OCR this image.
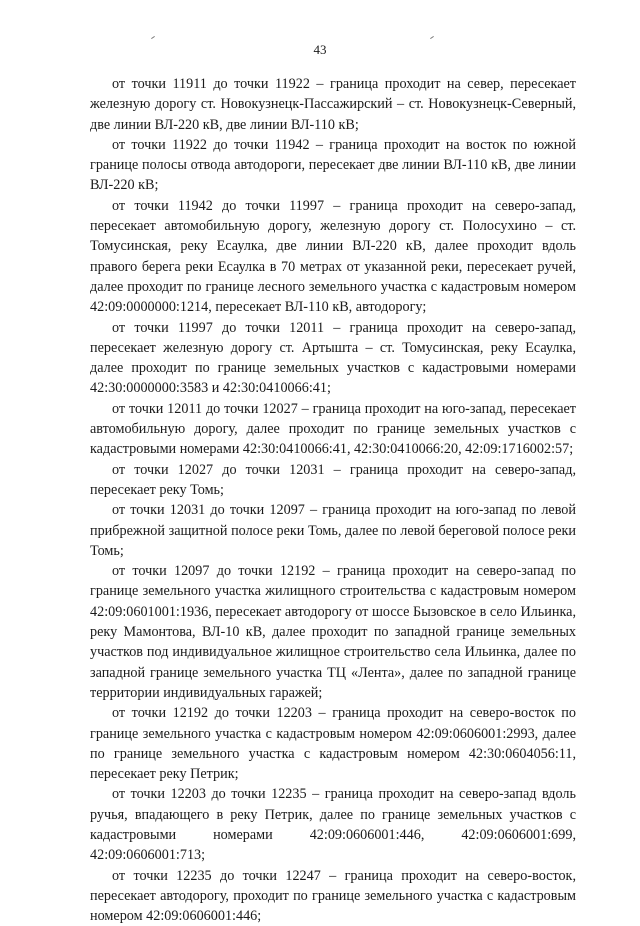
43

от точки 11911 до точки 11922 – граница проходит на север, пересекает железную дорогу ст. Новокузнецк-Пассажирский – ст. Новокузнецк-Северный, две линии ВЛ-220 кВ, две линии ВЛ-110 кВ;

от точки 11922 до точки 11942 – граница проходит на восток по южной границе полосы отвода автодороги, пересекает две линии ВЛ-110 кВ, две линии ВЛ-220 кВ;

от точки 11942 до точки 11997 – граница проходит на северо-запад, пересекает автомобильную дорогу, железную дорогу ст. Полосухино – ст. Томусинская, реку Есаулка, две линии ВЛ-220 кВ, далее проходит вдоль правого берега реки Есаулка в 70 метрах от указанной реки, пересекает ручей, далее проходит по границе лесного земельного участка с кадастровым номером 42:09:0000000:1214, пересекает ВЛ-110 кВ, автодорогу;

от точки 11997 до точки 12011 – граница проходит на северо-запад, пересекает железную дорогу ст. Артышта – ст. Томусинская, реку Есаулка, далее проходит по границе земельных участков с кадастровыми номерами 42:30:0000000:3583 и 42:30:0410066:41;

от точки 12011 до точки 12027 – граница проходит на юго-запад, пересекает автомобильную дорогу, далее проходит по границе земельных участков с кадастровыми номерами 42:30:0410066:41, 42:30:0410066:20, 42:09:1716002:57;

от точки 12027 до точки 12031 – граница проходит на северо-запад, пересекает реку Томь;

от точки 12031 до точки 12097 – граница проходит на юго-запад по левой прибрежной защитной полосе реки Томь, далее по левой береговой полосе реки Томь;

от точки 12097 до точки 12192 – граница проходит на северо-запад по границе земельного участка жилищного строительства с кадастровым номером 42:09:0601001:1936, пересекает автодорогу от шоссе Бызовское в село Ильинка, реку Мамонтова, ВЛ-10 кВ, далее проходит по западной границе земельных участков под индивидуальное жилищное строительство села Ильинка, далее по западной границе земельного участка ТЦ «Лента», далее по западной границе территории индивидуальных гаражей;

от точки 12192 до точки 12203 – граница проходит на северо-восток по границе земельного участка с кадастровым номером 42:09:0606001:2993, далее по границе земельного участка с кадастровым номером 42:30:0604056:11, пересекает реку Петрик;

от точки 12203 до точки 12235 – граница проходит на северо-запад вдоль ручья, впадающего в реку Петрик, далее по границе земельных участков с кадастровыми номерами 42:09:0606001:446, 42:09:0606001:699, 42:09:0606001:713;

от точки 12235 до точки 12247 – граница проходит на северо-восток, пересекает автодорогу, проходит по границе земельного участка с кадастровым номером 42:09:0606001:446;
